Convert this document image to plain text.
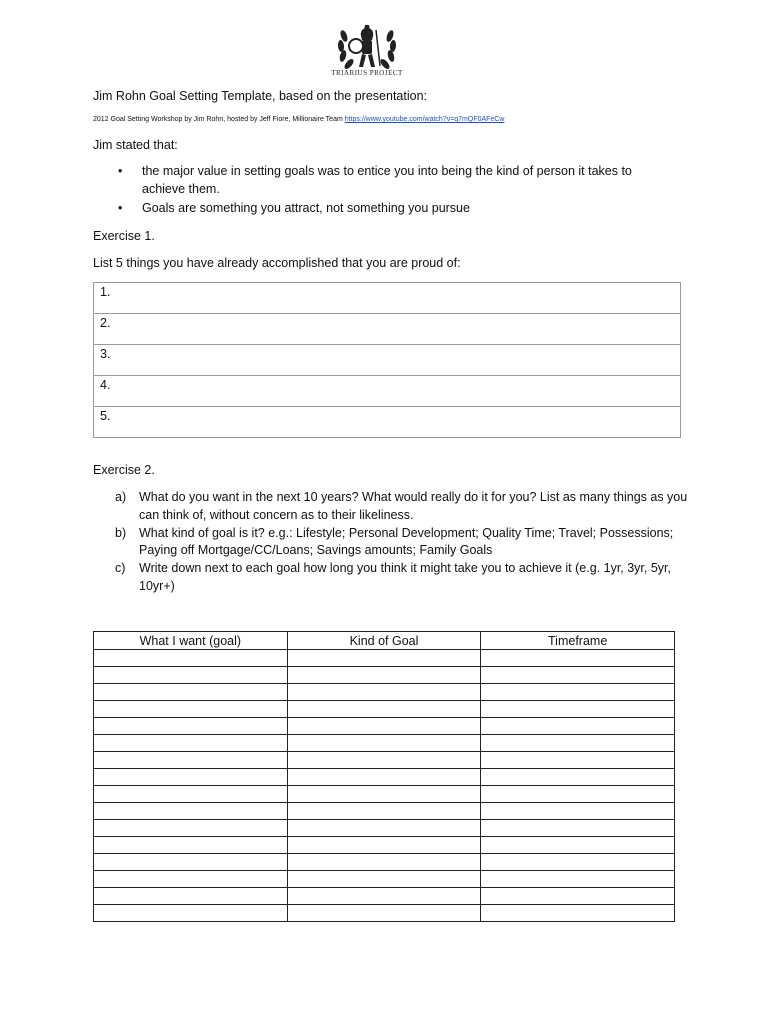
TRIARIUS PROJECT
Jim Rohn Goal Setting Template, based on the presentation:
2012 Goal Setting Workshop by Jim Rohn, hosted by Jeff Fiore, Millionaire Team https://www.youtube.com/watch?v=q7mQF0AFeCw
Jim stated that:
• the major value in setting goals was to entice you into being the kind of person it takes to achieve them.
• Goals are something you attract, not something you pursue
Exercise 1.
List 5 things you have already accomplished that you are proud of:
1.
2.
3.
4.
5.
Exercise 2.
a) What do you want in the next 10 years? What would really do it for you? List as many things as you can think of, without concern as to their likeliness.
b) What kind of goal is it? e.g.: Lifestyle; Personal Development; Quality Time; Travel; Possessions; Paying off Mortgage/CC/Loans; Savings amounts; Family Goals
c) Write down next to each goal how long you think it might take you to achieve it (e.g. 1yr, 3yr, 5yr, 10yr+)
What I want (goal)	Kind of Goal	Timeframe
